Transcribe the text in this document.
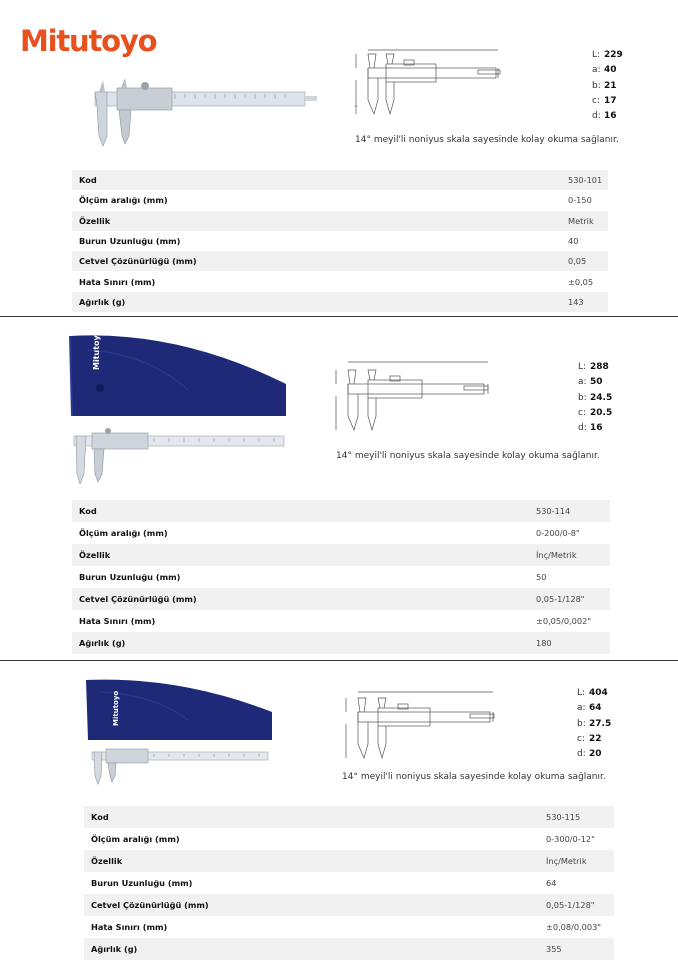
Mitutoyo	L: 229
a: 40
b: 21
c: 17
d: 16
14° meyil'li noniyus skala sayesinde kolay okuma sağlanır.
Kod	530-101
Ölçüm aralığı (mm)	0-150
Özellik	Metrik
Burun Uzunluğu (mm)	40
Cetvel Çözünürlüğü (mm)	0,05
Hata Sınırı (mm)	±0,05
Ağırlık (g)	143
Mitutoyo	L: 288
a: 50
b: 24.5
c: 20.5
d: 16
14° meyil'li noniyus skala sayesinde kolay okuma sağlanır.
Kod	530-114
Ölçüm aralığı (mm)	0-200/0-8"
Özellik	İnç/Metrik
Burun Uzunluğu (mm)	50
Cetvel Çözünürlüğü (mm)	0,05-1/128"
Hata Sınırı (mm)	±0,05/0,002"
Ağırlık (g)	180
Mitutoyo	L: 404
a: 64
b: 27.5
c: 22
d: 20
14° meyil'li noniyus skala sayesinde kolay okuma sağlanır.
Kod	530-115
Ölçüm aralığı (mm)	0-300/0-12"
Özellik	İnç/Metrik
Burun Uzunluğu (mm)	64
Cetvel Çözünürlüğü (mm)	0,05-1/128"
Hata Sınırı (mm)	±0,08/0,003"
Ağırlık (g)	355
